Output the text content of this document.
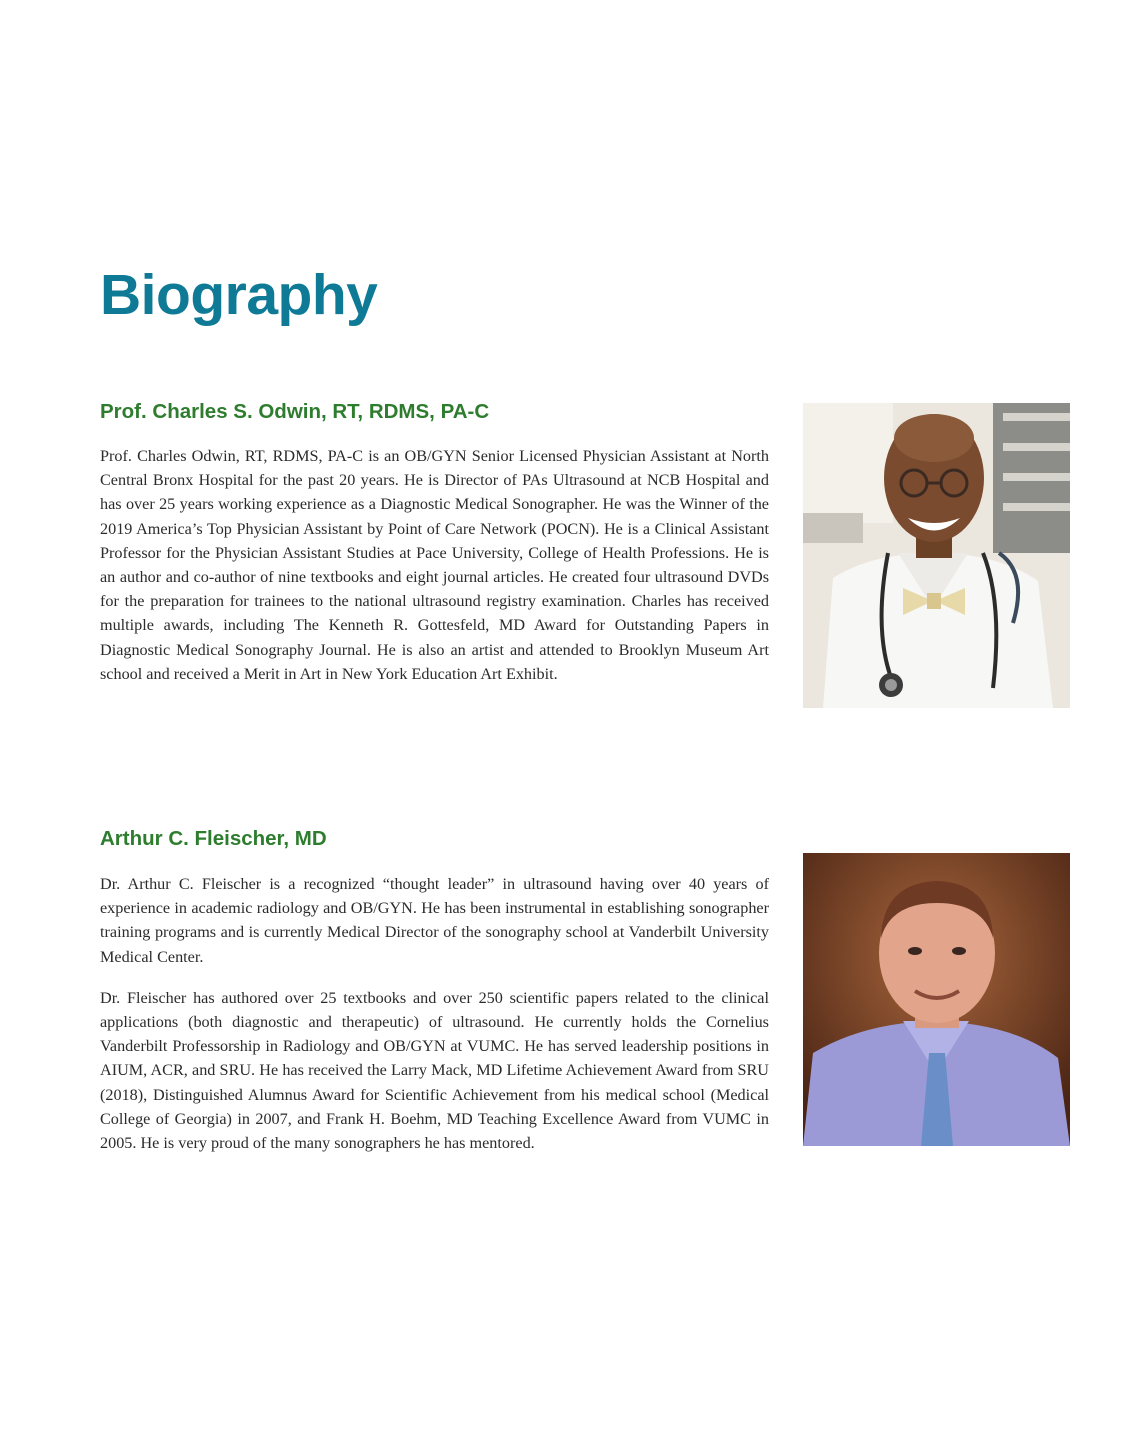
Biography
Prof. Charles S. Odwin, RT, RDMS, PA-C

Prof. Charles Odwin, RT, RDMS, PA-C is an OB/GYN Senior Licensed Physician Assistant at North Central Bronx Hospital for the past 20 years. He is Director of PAs Ultrasound at NCB Hospital and has over 25 years working experience as a Diagnostic Medical Sonographer. He was the Winner of the 2019 America’s Top Physician Assistant by Point of Care Network (POCN). He is a Clinical Assistant Professor for the Physician Assistant Studies at Pace University, College of Health Professions. He is an author and co-author of nine textbooks and eight journal articles. He created four ultrasound DVDs for the preparation for trainees to the national ultrasound registry examination. Charles has received multiple awards, including The Kenneth R. Gottesfeld, MD Award for Outstanding Papers in Diagnostic Medical Sonography Journal. He is also an artist and attended to Brooklyn Museum Art school and received a Merit in Art in New York Education Art Exhibit.

Arthur C. Fleischer, MD

Dr. Arthur C. Fleischer is a recognized “thought leader” in ultrasound having over 40 years of experience in academic radiology and OB/GYN. He has been instrumental in establishing sonographer training programs and is currently Medical Director of the sonography school at Vanderbilt University Medical Center.

Dr. Fleischer has authored over 25 textbooks and over 250 scientific papers related to the clinical applications (both diagnostic and therapeutic) of ultrasound. He currently holds the Cornelius Vanderbilt Professorship in Radiology and OB/GYN at VUMC. He has served leadership positions in AIUM, ACR, and SRU. He has received the Larry Mack, MD Lifetime Achievement Award from SRU (2018), Distinguished Alumnus Award for Scientific Achievement from his medical school (Medical College of Georgia) in 2007, and Frank H. Boehm, MD Teaching Excellence Award from VUMC in 2005. He is very proud of the many sonographers he has mentored.
